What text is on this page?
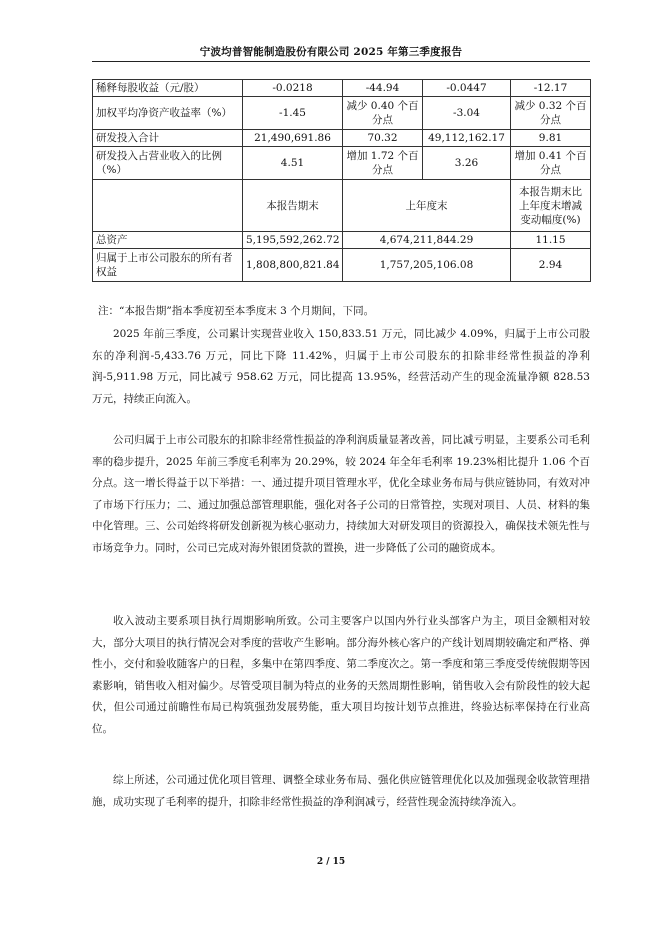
宁波均普智能制造股份有限公司 2025 年第三季度报告
稀释每股收益（元/股）	-0.0218	-44.94	-0.0447	-12.17
加权平均净资产收益率（%）	-1.45	减少 0.40 个百分点	-3.04	减少 0.32 个百分点
研发投入合计	21,490,691.86	70.32	49,112,162.17	9.81
研发投入占营业收入的比例（%）	4.51	增加 1.72 个百分点	3.26	增加 0.41 个百分点
	本报告期末	上年度末		本报告期末比上年度末增减变动幅度(%)
总资产	5,195,592,262.72	4,674,211,844.29		11.15
归属于上市公司股东的所有者权益	1,808,800,821.84	1,757,205,106.08		2.94
注：“本报告期”指本季度初至本季度末 3 个月期间，下同。

2025 年前三季度，公司累计实现营业收入 150,833.51 万元，同比减少 4.09%，归属于上市公司股东的净利润-5,433.76 万元，同比下降 11.42%，归属于上市公司股东的扣除非经常性损益的净利润-5,911.98 万元，同比减亏 958.62 万元，同比提高 13.95%，经营活动产生的现金流量净额 828.53 万元，持续正向流入。

公司归属于上市公司股东的扣除非经常性损益的净利润质量显著改善，同比减亏明显，主要系公司毛利率的稳步提升，2025 年前三季度毛利率为 20.29%，较 2024 年全年毛利率 19.23%相比提升 1.06 个百分点。这一增长得益于以下举措：一、通过提升项目管理水平，优化全球业务布局与供应链协同，有效对冲了市场下行压力；二、通过加强总部管理职能，强化对各子公司的日常管控，实现对项目、人员、材料的集中化管理。三、公司始终将研发创新视为核心驱动力，持续加大对研发项目的资源投入，确保技术领先性与市场竞争力。同时，公司已完成对海外银团贷款的置换，进一步降低了公司的融资成本。

收入波动主要系项目执行周期影响所致。公司主要客户以国内外行业头部客户为主，项目金额相对较大，部分大项目的执行情况会对季度的营收产生影响。部分海外核心客户的产线计划周期较确定和严格、弹性小，交付和验收随客户的日程，多集中在第四季度、第二季度次之。第一季度和第三季度受传统假期等因素影响，销售收入相对偏少。尽管受项目制为特点的业务的天然周期性影响，销售收入会有阶段性的较大起伏，但公司通过前瞻性布局已构筑强劲发展势能，重大项目均按计划节点推进，终验达标率保持在行业高位。

综上所述，公司通过优化项目管理、调整全球业务布局、强化供应链管理优化以及加强现金收款管理措施，成功实现了毛利率的提升，扣除非经常性损益的净利润减亏，经营性现金流持续净流入。

2 / 15
